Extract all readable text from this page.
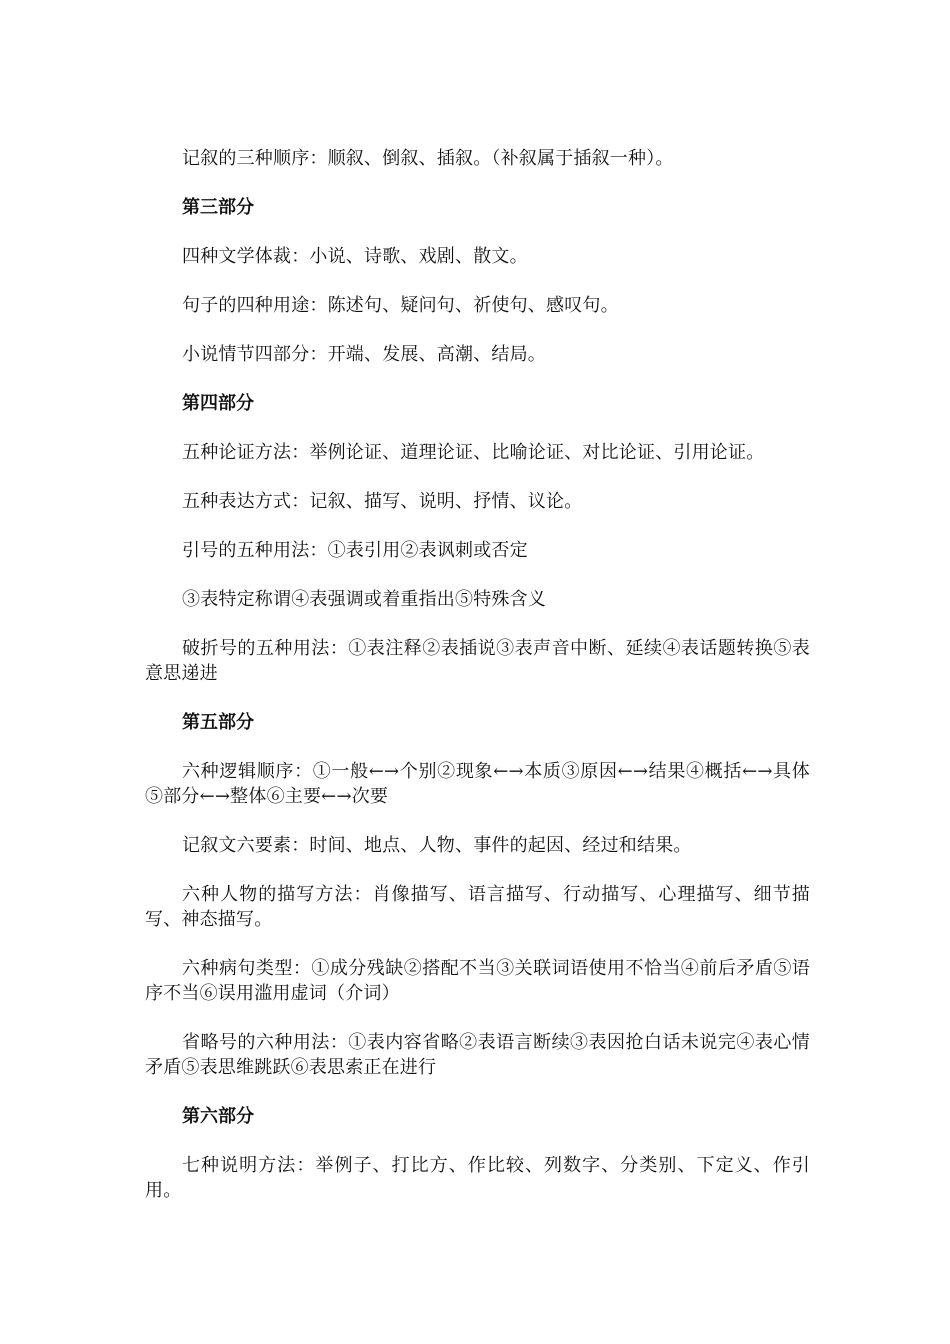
记叙的三种顺序：顺叙、倒叙、插叙。（补叙属于插叙一种）。

第三部分

四种文学体裁：小说、诗歌、戏剧、散文。

句子的四种用途：陈述句、疑问句、祈使句、感叹句。

小说情节四部分：开端、发展、高潮、结局。

第四部分

五种论证方法：举例论证、道理论证、比喻论证、对比论证、引用论证。

五种表达方式：记叙、描写、说明、抒情、议论。

引号的五种用法：①表引用②表讽刺或否定

③表特定称谓④表强调或着重指出⑤特殊含义

破折号的五种用法：①表注释②表插说③表声音中断、延续④表话题转换⑤表意思递进

第五部分

六种逻辑顺序：①一般←→个别②现象←→本质③原因←→结果④概括←→具体⑤部分←→整体⑥主要←→次要

记叙文六要素：时间、地点、人物、事件的起因、经过和结果。

六种人物的描写方法：肖像描写、语言描写、行动描写、心理描写、细节描写、神态描写。

六种病句类型：①成分残缺②搭配不当③关联词语使用不恰当④前后矛盾⑤语序不当⑥误用滥用虚词（介词）

省略号的六种用法：①表内容省略②表语言断续③表因抢白话未说完④表心情矛盾⑤表思维跳跃⑥表思索正在进行

第六部分

七种说明方法：举例子、打比方、作比较、列数字、分类别、下定义、作引用。
